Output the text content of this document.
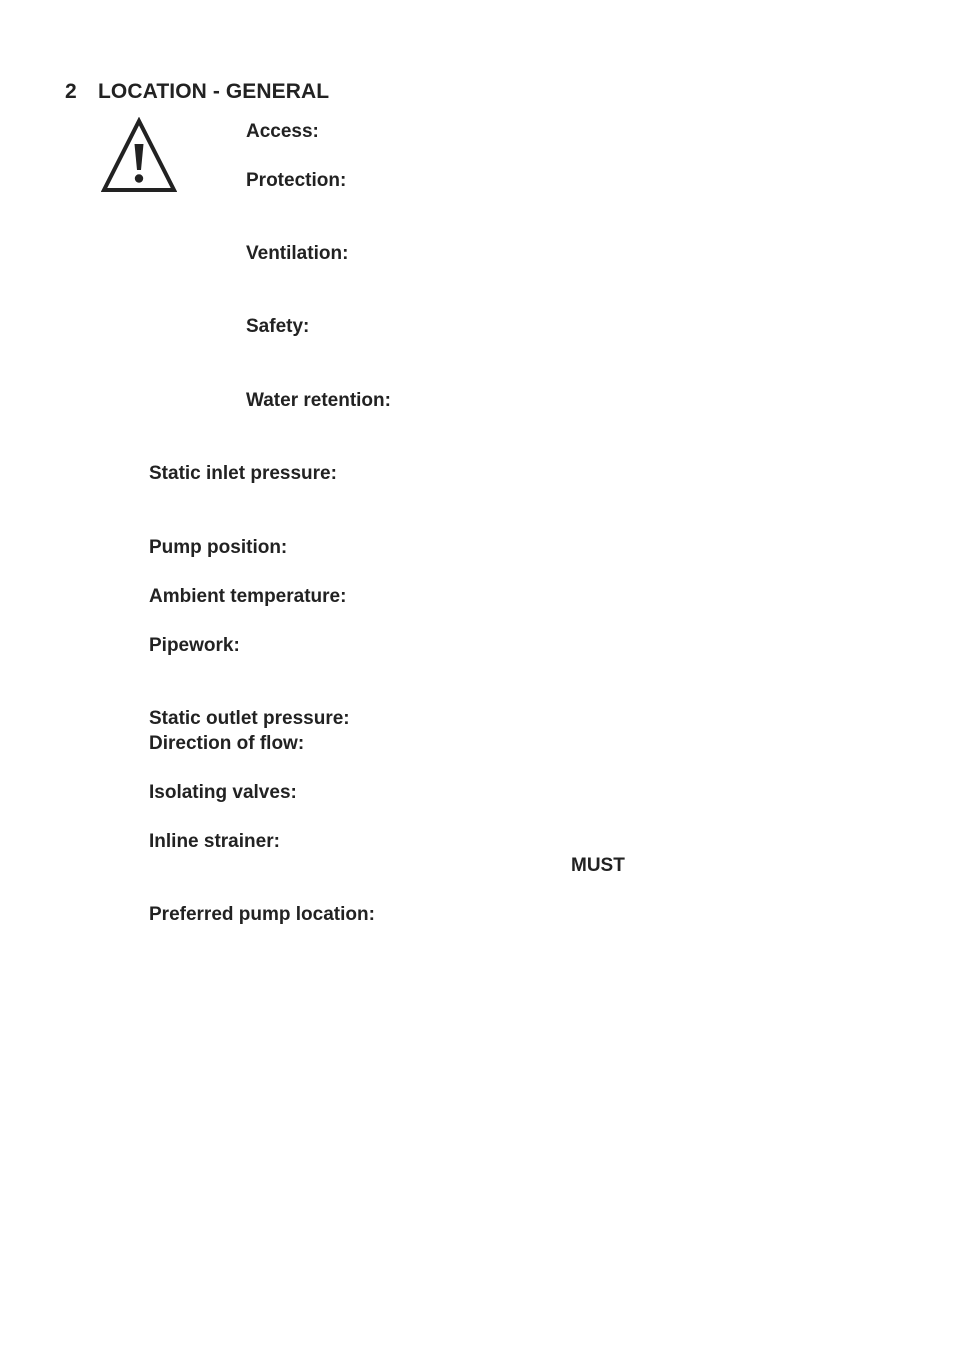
2 LOCATION - GENERAL
Access:
Protection:
Ventilation:
Safety:
Water retention:
Static inlet pressure:
Pump position:
Ambient temperature:
Pipework:
Static outlet pressure:
Direction of flow:
Isolating valves:
Inline strainer:
MUST
Preferred pump location:
